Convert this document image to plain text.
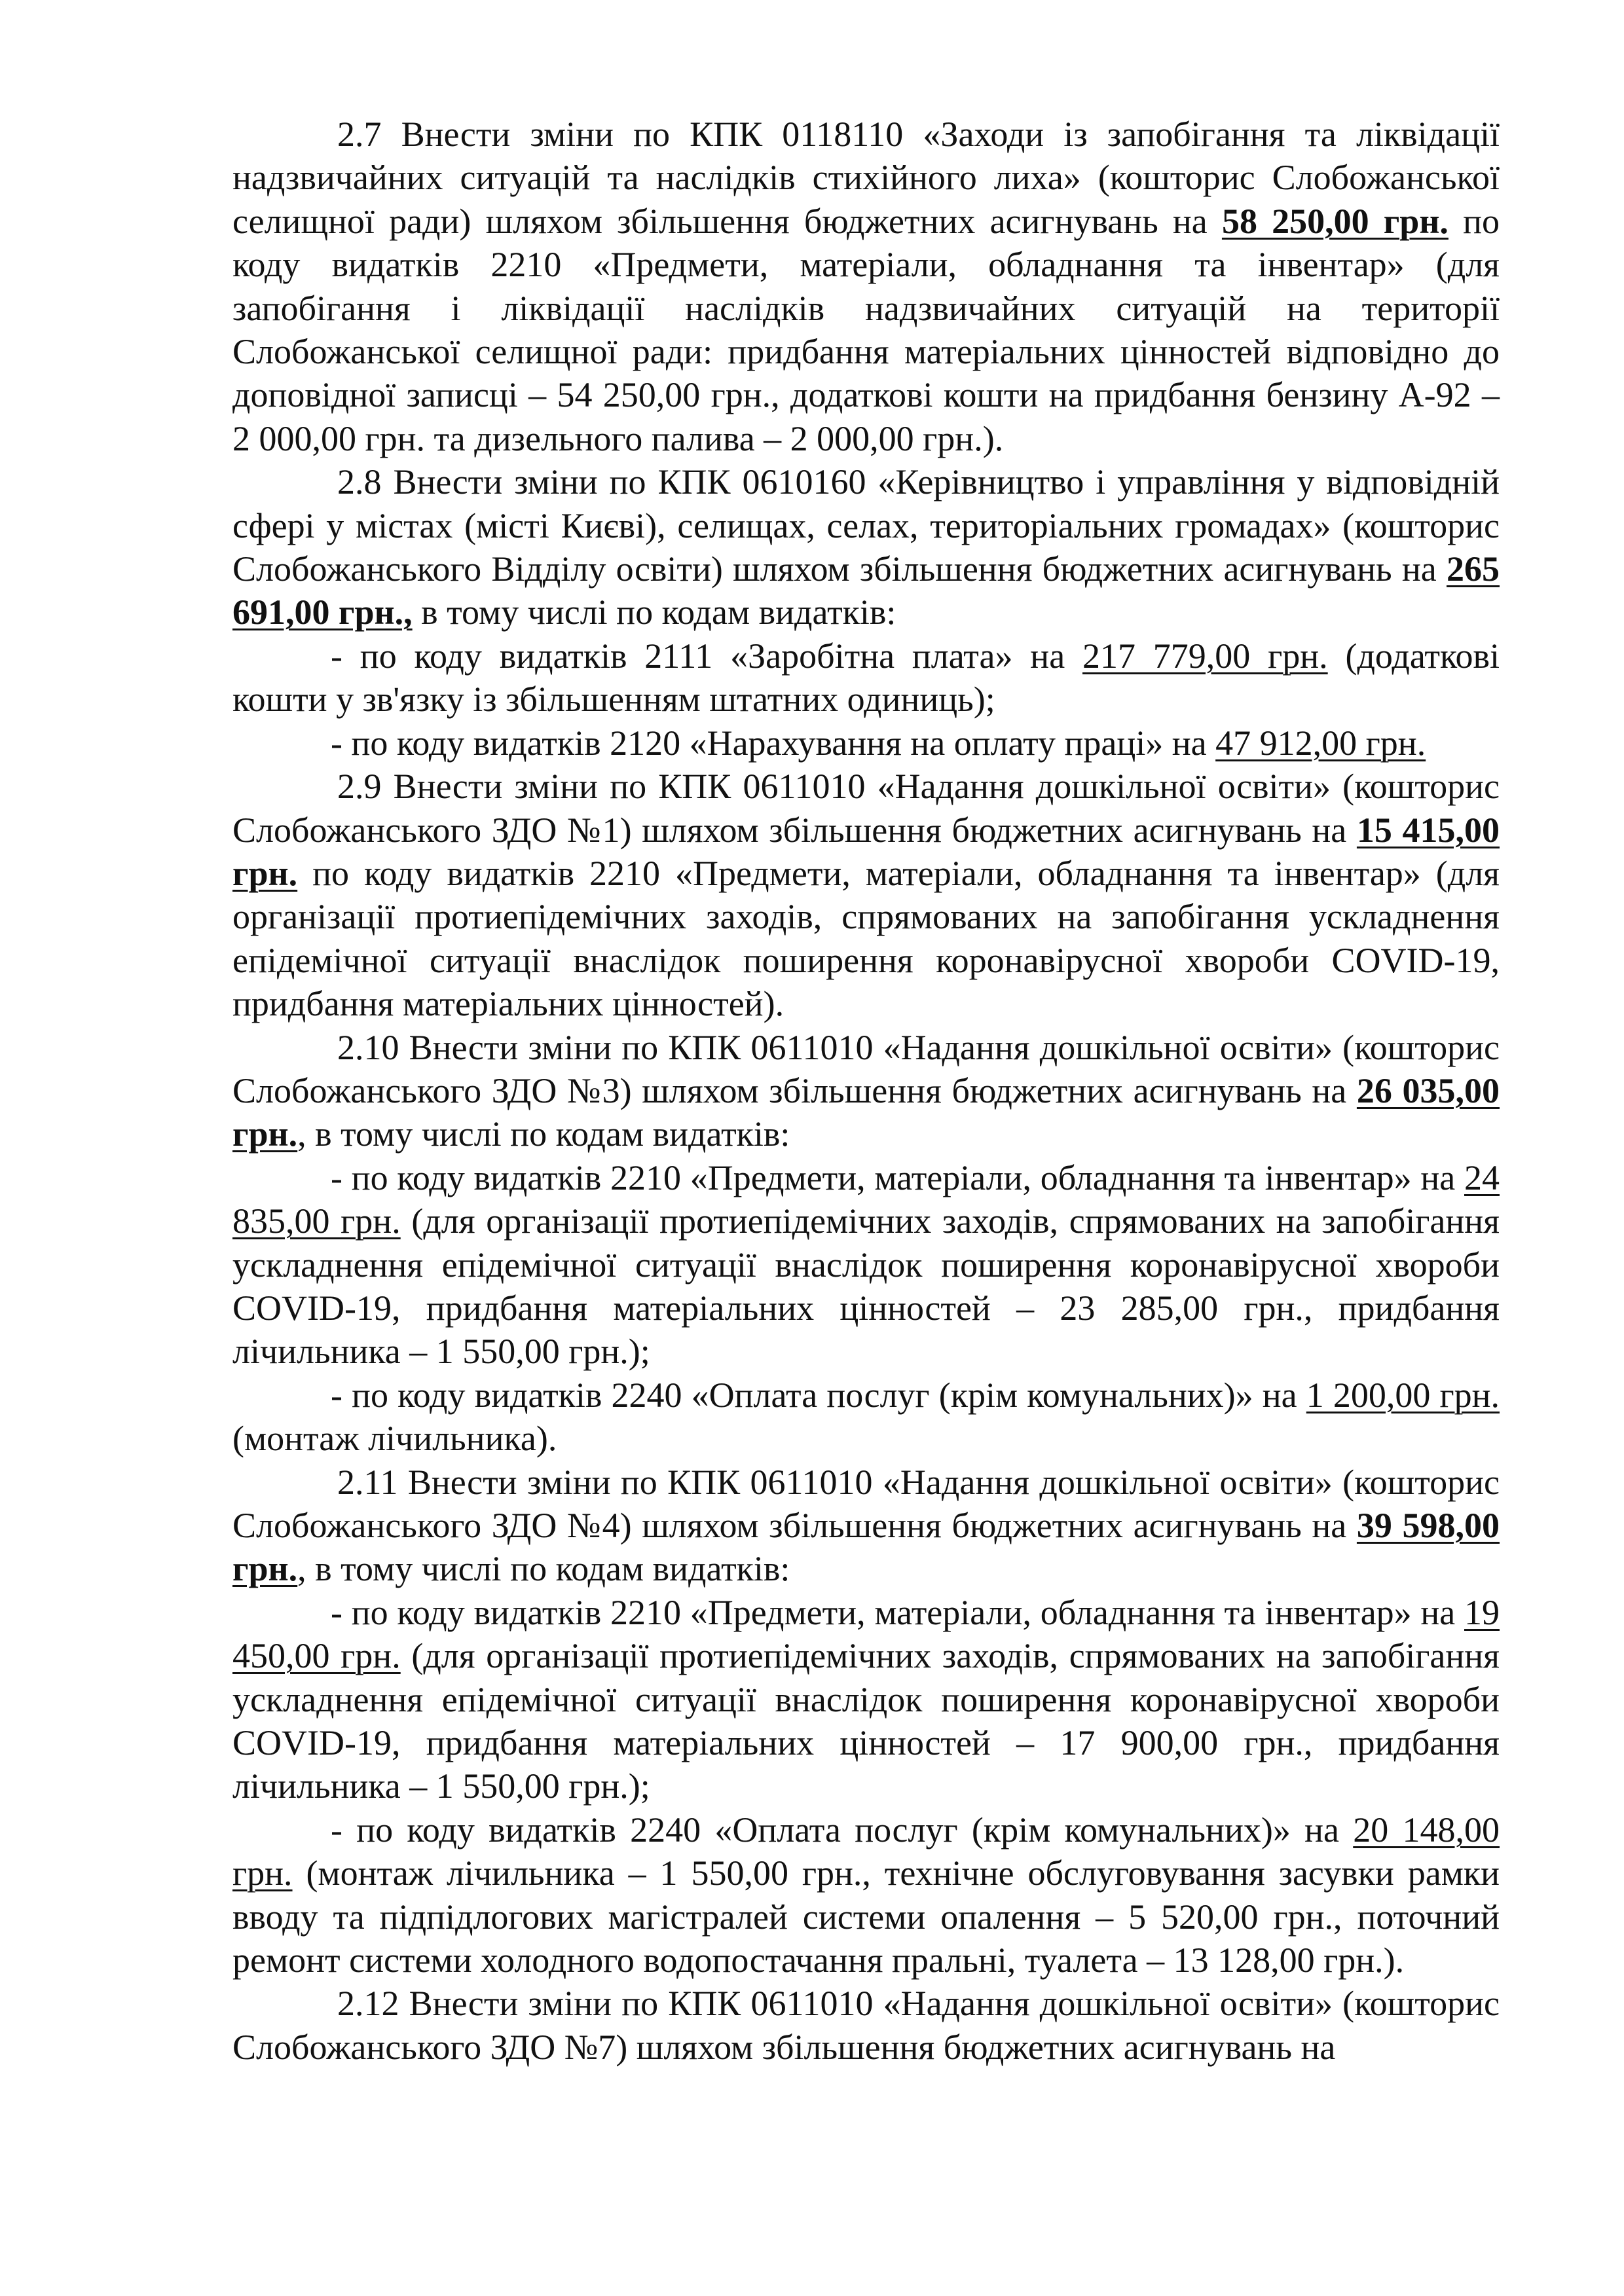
2.7 Внести зміни по КПК 0118110 «Заходи із запобігання та ліквідації надзвичайних ситуацій та наслідків стихійного лиха» (кошторис Слобожанської селищної ради) шляхом збільшення бюджетних асигнувань на 58 250,00 грн. по коду видатків 2210 «Предмети, матеріали, обладнання та інвентар» (для запобігання і ліквідації наслідків надзвичайних ситуацій на території Слобожанської селищної ради: придбання матеріальних цінностей відповідно до доповідної записці – 54 250,00 грн., додаткові кошти на придбання бензину А-92 – 2 000,00 грн. та дизельного палива – 2 000,00 грн.).

2.8 Внести зміни по КПК 0610160 «Керівництво і управління у відповідній сфері у містах (місті Києві), селищах, селах, територіальних громадах» (кошторис Слобожанського Відділу освіти) шляхом збільшення бюджетних асигнувань на 265 691,00 грн., в тому числі по кодам видатків:

- по коду видатків 2111 «Заробітна плата» на 217 779,00 грн. (додаткові кошти у зв'язку із збільшенням штатних одиниць);

- по коду видатків 2120 «Нарахування на оплату праці» на 47 912,00 грн.

2.9 Внести зміни по КПК 0611010 «Надання дошкільної освіти» (кошторис Слобожанського ЗДО №1) шляхом збільшення бюджетних асигнувань на 15 415,00 грн. по коду видатків 2210 «Предмети, матеріали, обладнання та інвентар» (для організації протиепідемічних заходів, спрямованих на запобігання ускладнення епідемічної ситуації внаслідок поширення коронавірусної хвороби COVID-19, придбання матеріальних цінностей).

2.10 Внести зміни по КПК 0611010 «Надання дошкільної освіти» (кошторис Слобожанського ЗДО №3) шляхом збільшення бюджетних асигнувань на 26 035,00 грн., в тому числі по кодам видатків:

- по коду видатків 2210 «Предмети, матеріали, обладнання та інвентар» на 24 835,00 грн. (для організації протиепідемічних заходів, спрямованих на запобігання ускладнення епідемічної ситуації внаслідок поширення коронавірусної хвороби COVID-19, придбання матеріальних цінностей – 23 285,00 грн., придбання лічильника – 1 550,00 грн.);

- по коду видатків 2240 «Оплата послуг (крім комунальних)» на 1 200,00 грн. (монтаж лічильника).

2.11 Внести зміни по КПК 0611010 «Надання дошкільної освіти» (кошторис Слобожанського ЗДО №4) шляхом збільшення бюджетних асигнувань на 39 598,00 грн., в тому числі по кодам видатків:

- по коду видатків 2210 «Предмети, матеріали, обладнання та інвентар» на 19 450,00 грн. (для організації протиепідемічних заходів, спрямованих на запобігання ускладнення епідемічної ситуації внаслідок поширення коронавірусної хвороби COVID-19, придбання матеріальних цінностей – 17 900,00 грн., придбання лічильника – 1 550,00 грн.);

- по коду видатків 2240 «Оплата послуг (крім комунальних)» на 20 148,00 грн. (монтаж лічильника – 1 550,00 грн., технічне обслуговування засувки рамки вводу та підпідлогових магістралей системи опалення – 5 520,00 грн., поточний ремонт системи холодного водопостачання пральні, туалета – 13 128,00 грн.).

2.12 Внести зміни по КПК 0611010 «Надання дошкільної освіти» (кошторис Слобожанського ЗДО №7) шляхом збільшення бюджетних асигнувань на
